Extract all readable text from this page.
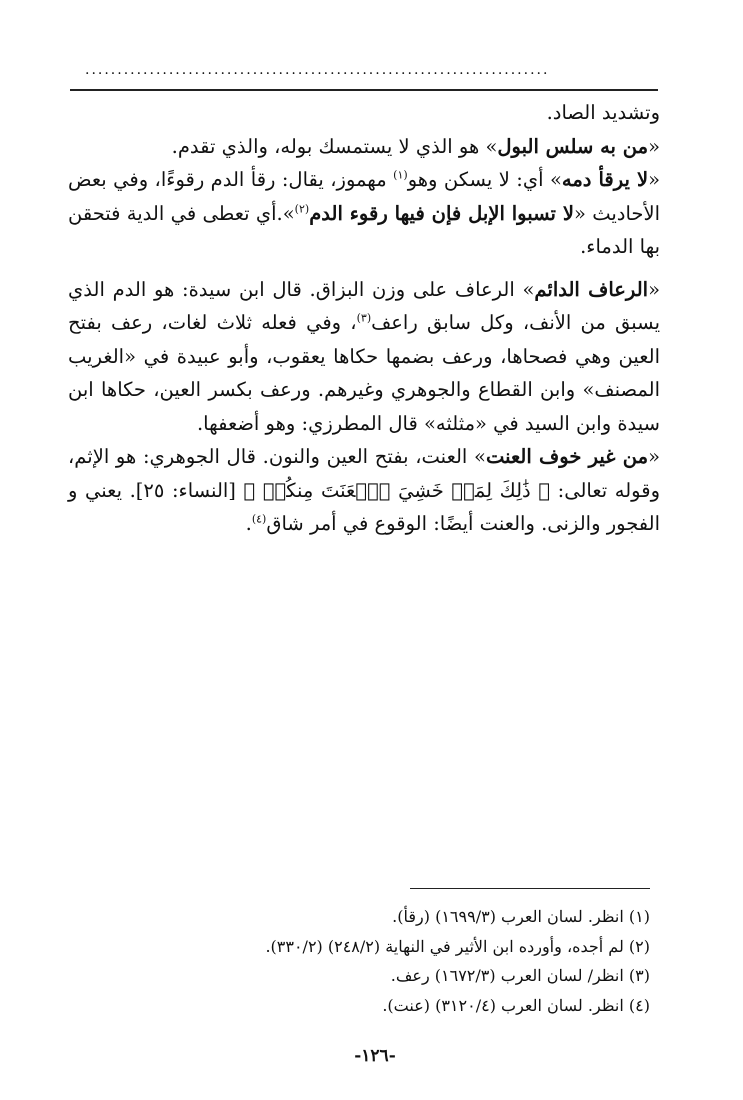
........................................................................

وتشديد الصاد.

«من به سلس البول» هو الذي لا يستمسك بوله، والذي تقدم.

«لا يرقأ دمه» أي: لا يسكن وهو$^{(١)}$ مهموز، يقال: رقأ الدم رقوءًا، وفي بعض الأحاديث «لا تسبوا الإبل فإن فيها رقوء الدم$^{(٢)}$».أي تعطى في الدية فتحقن بها الدماء.

«الرعاف الدائم» الرعاف على وزن البزاق. قال ابن سيدة: هو الدم الذي يسبق من الأنف، وكل سابق راعف$^{(٣)}$، وفي فعله ثلاث لغات، رعف بفتح العين وهي فصحاها، ورعف بضمها حكاها يعقوب، وأبو عبيدة في «الغريب المصنف» وابن القطاع والجوهري وغيرهم. ورعف بكسر العين، حكاها ابن سيدة وابن السيد في «مثلثه» قال المطرزي: وهو أضعفها.

«من غير خوف العنت» العنت، بفتح العين والنون. قال الجوهري: هو الإثم، وقوله تعالى: ﴿ ذَٰلِكَ لِمَنۡ خَشِيَ ٱلۡعَنَتَ مِنكُمۡ ﴾ [النساء: ٢٥]. يعني و الفجور والزنى. والعنت أيضًا: الوقوع في أمر شاق$^{(٤)}$.

(١) انظر. لسان العرب (١٦٩٩/٣) (رقأ).

(٢) لم أجده، وأورده ابن الأثير في النهاية (٢٤٨/٢) (٣٣٠/٢).

(٣) انظر/ لسان العرب (١٦٧٢/٣) رعف.

(٤) انظر. لسان العرب (٣١٢٠/٤) (عنت).

-١٢٦-
